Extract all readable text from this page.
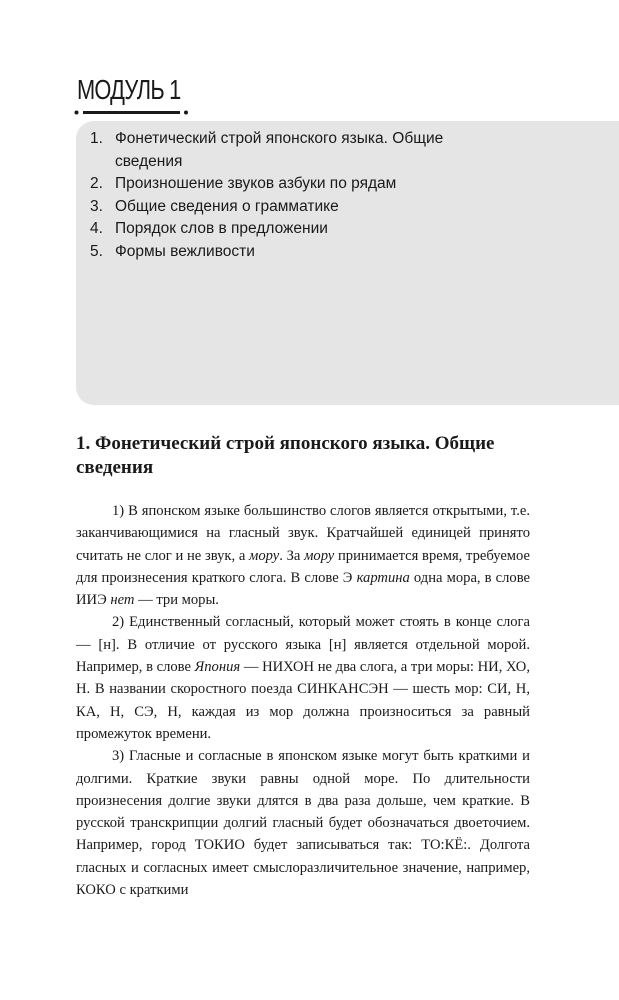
МОДУЛЬ 1
1. Фонетический строй японского языка. Общие сведения
2. Произношение звуков азбуки по рядам
3. Общие сведения о грамматике
4. Порядок слов в предложении
5. Формы вежливости
1. Фонетический строй японского языка. Общие сведения

1) В японском языке большинство слогов является открытыми, т.е. заканчивающимися на гласный звук. Кратчайшей единицей принято считать не слог и не звук, а мору. За мору принимается время, требуемое для произнесения краткого слога. В слове Э картина одна мора, в слове ИИЭ нет — три моры.

2) Единственный согласный, который может стоять в конце слога — [н]. В отличие от русского языка [н] является отдельной морой. Например, в слове Япония — НИХОН не два слога, а три моры: НИ, ХО, Н. В названии скоростного поезда СИНКАНСЭН — шесть мор: СИ, Н, КА, Н, СЭ, Н, каждая из мор должна произноситься за равный промежуток времени.

3) Гласные и согласные в японском языке могут быть краткими и долгими. Краткие звуки равны одной море. По длительности произнесения долгие звуки длятся в два раза дольше, чем краткие. В русской транскрипции долгий гласный будет обозначаться двоеточием. Например, город ТОКИО будет записываться так: ТО:КЁ:. Долгота гласных и согласных имеет смыслоразличительное значение, например, КОКО с краткими
